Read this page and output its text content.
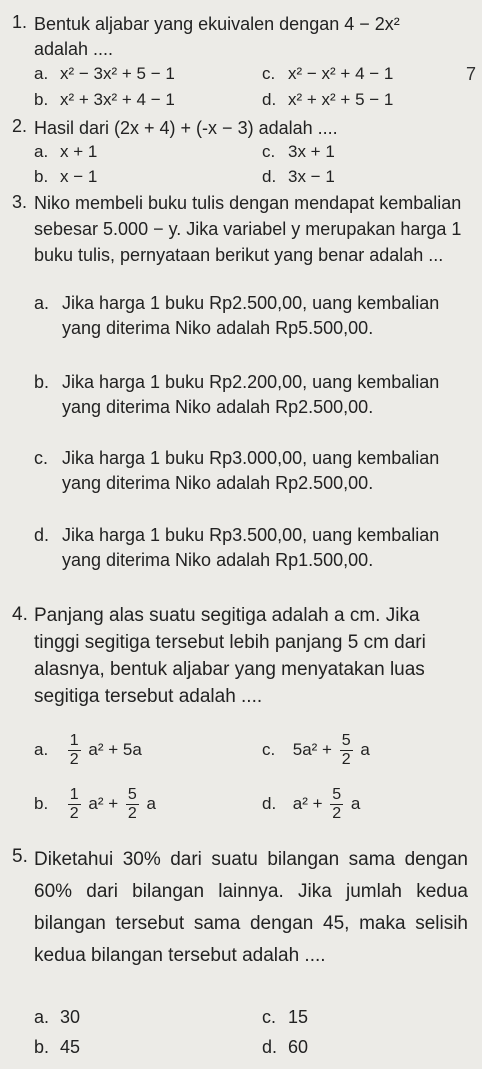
1. Bentuk aljabar yang ekuivalen dengan 4 − 2x² adalah ....
a. x² − 3x² + 5 − 1	c. x² − x² + 4 − 1
b. x² + 3x² + 4 − 1	d. x² + x² + 5 − 1
7
2. Hasil dari (2x + 4) + (-x − 3) adalah ....
a. x + 1	c. 3x + 1
b. x − 1	d. 3x − 1
3. Niko membeli buku tulis dengan mendapat kembalian sebesar 5.000 − y. Jika variabel y merupakan harga 1 buku tulis, pernyataan berikut yang benar adalah ...
a. Jika harga 1 buku Rp2.500,00, uang kembalian yang diterima Niko adalah Rp5.500,00.
b. Jika harga 1 buku Rp2.200,00, uang kembalian yang diterima Niko adalah Rp2.500,00.
c. Jika harga 1 buku Rp3.000,00, uang kembalian yang diterima Niko adalah Rp2.500,00.
d. Jika harga 1 buku Rp3.500,00, uang kembalian yang diterima Niko adalah Rp1.500,00.
4. Panjang alas suatu segitiga adalah a cm. Jika tinggi segitiga tersebut lebih panjang 5 cm dari alasnya, bentuk aljabar yang menyatakan luas segitiga tersebut adalah ....
a. $\frac{1}{2} a^2 + 5a$	c. $5a^2 + \frac{5}{2}$ a
b. $\frac{1}{2} a^2 + \frac{5}{2}$ a	d. $a^2 + \frac{5}{2}$ a
5. Diketahui 30% dari suatu bilangan sama dengan 60% dari bilangan lainnya. Jika jumlah kedua bilangan tersebut sama dengan 45, maka selisih kedua bilangan tersebut adalah ....
a. 30	c. 15
b. 45	d. 60
